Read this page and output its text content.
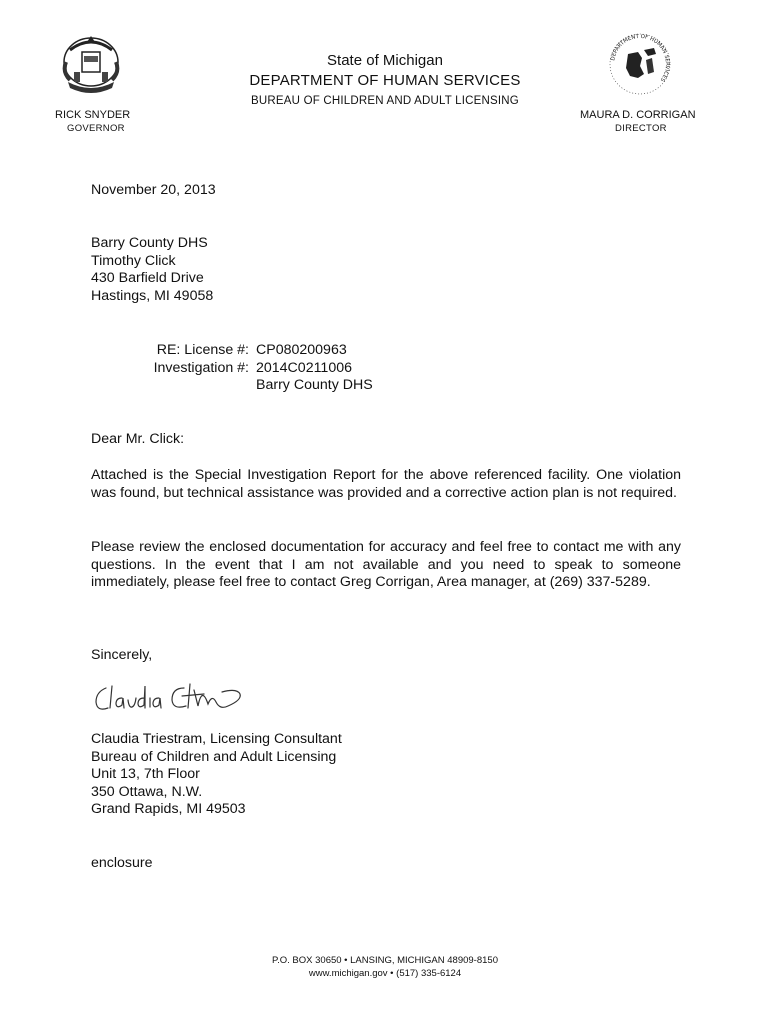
DEPARTMENT OF HUMAN SERVICES
State of Michigan
DEPARTMENT OF HUMAN SERVICES
BUREAU OF CHILDREN AND ADULT LICENSING
RICK SNYDER
GOVERNOR
MAURA D. CORRIGAN
DIRECTOR
November 20, 2013
Barry County DHS
Timothy Click
430 Barfield Drive
Hastings, MI 49058
RE: License #:
Investigation #:
CP080200963
2014C0211006
Barry County DHS
Dear Mr. Click:
Attached is the Special Investigation Report for the above referenced facility. One violation was found, but technical assistance was provided and a corrective action plan is not required.
Please review the enclosed documentation for accuracy and feel free to contact me with any questions. In the event that I am not available and you need to speak to someone immediately, please feel free to contact Greg Corrigan, Area manager, at (269) 337-5289.
Sincerely,
Claudia Triestram, Licensing Consultant
Bureau of Children and Adult Licensing
Unit 13, 7th Floor
350 Ottawa, N.W.
Grand Rapids, MI 49503
enclosure
P.O. BOX 30650 • LANSING, MICHIGAN 48909-8150
www.michigan.gov • (517) 335-6124
